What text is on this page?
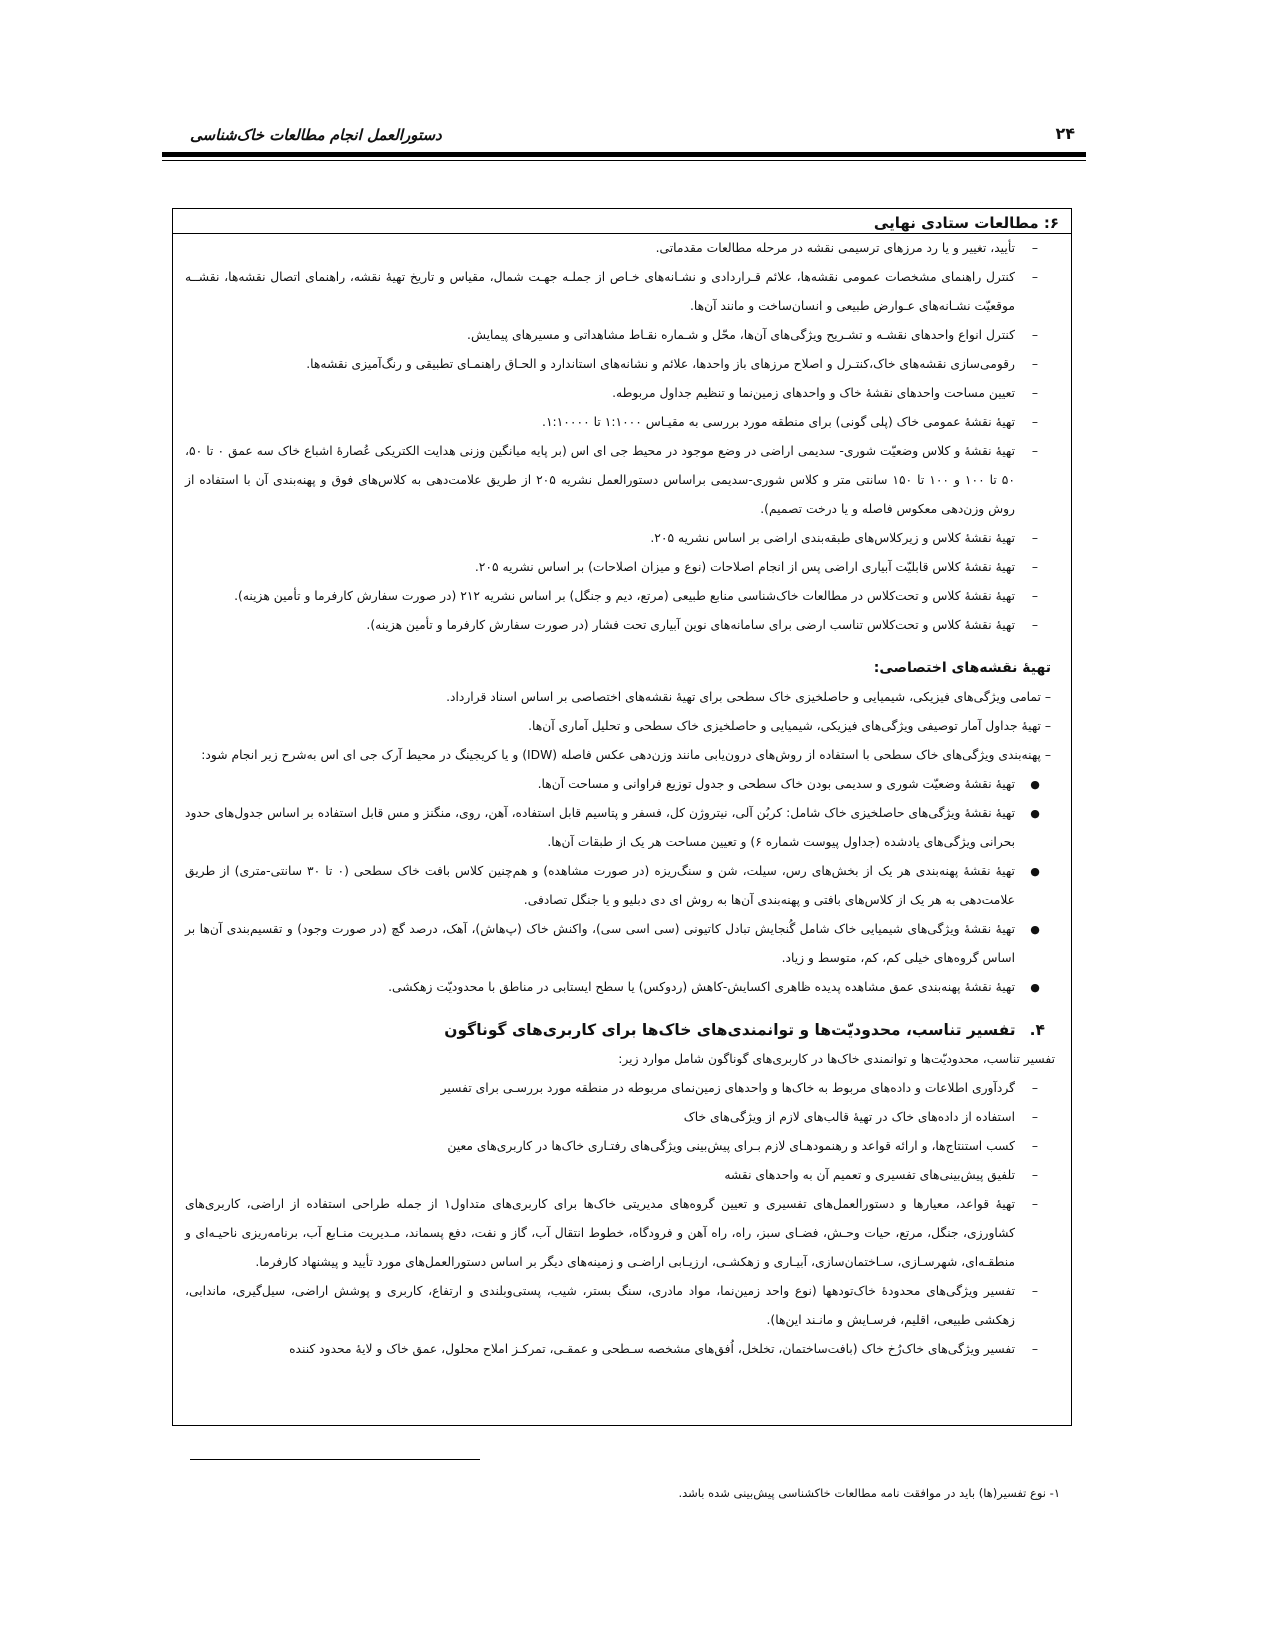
دستورالعمل انجام مطالعات خاک‌شناسی	۲۴
۶: مطالعات ستادی نهایی
–
تأیید، تغییر و یا رد مرزهای ترسیمی نقشه در مرحله مطالعات مقدماتی.
–
کنترل راهنمای مشخصات عمومی نقشه‌ها، علائم قـراردادی و نشـانه‌های خـاص از جملـه جهـت شمال، مقیاس و تاریخ تهیهٔ نقشه، راهنمای اتصال نقشه‌ها، نقشــه موقعیّت نشـانه‌های عـوارض طبیعی و انسان‌ساخت و مانند آن‌ها.
–
کنترل انواع واحدهای نقشـه و تشـریح ویژگی‌های آن‌ها، محّل و شـماره نقـاط مشاهداتی و مسیرهای پیمایش.
–
رقومی‌سازی نقشه‌های خاک،کنتـرل و اصلاح مرزهای باز واحدها، علائم و نشانه‌های استاندارد و الحـاق راهنمـای تطبیقی و رنگ‌آمیزی نقشه‌ها.
–
تعیین مساحت واحدهای نقشهٔ خاک و واحدهای زمین‌نما و تنظیم جداول مربوطه.
–
تهیهٔ نقشهٔ عمومی خاک (پلی گونی) برای منطقه مورد بررسی به مقیـاس ۱:۱۰۰۰ تا ۱:۱۰۰۰۰.
–
تهیهٔ نقشهٔ و کلاس وضعیّت شوری- سدیمی اراضی در وضع موجود در محیط جی ای اس (بر پایه میانگین وزنی هدایت الکتریکی عُصارهٔ اشباع خاک سه عمق ۰ تا ۵۰، ۵۰ تا ۱۰۰ و ۱۰۰ تا ۱۵۰ سانتی متر و کلاس شوری-سدیمی براساس دستورالعمل نشریه ۲۰۵ از طریق علامت‌دهی به کلاس‌های فوق و پهنه‌بندی آن با استفاده از روش وزن‌دهی معکوس فاصله و یا درخت تصمیم).
–
تهیهٔ نقشهٔ کلاس و زیرکلاس‌های طبقه‌بندی اراضی بر اساس نشریه ۲۰۵.
–
تهیهٔ نقشهٔ کلاس قابلیّت آبیاری اراضی پس از انجام اصلاحات (نوع و میزان اصلاحات) بر اساس نشریه ۲۰۵.
–
تهیهٔ نقشهٔ کلاس و تحت‌کلاس در مطالعات خاک‌شناسی منابع طبیعی (مرتع، دیم و جنگل) بر اساس نشریه ۲۱۲ (در صورت سفارش کارفرما و تأمین هزینه).
–
تهیهٔ نقشهٔ کلاس و تحت‌کلاس تناسب ارضی برای سامانه‌های نوین آبیاری تحت فشار (در صورت سفارش کارفرما و تأمین هزینه).
تهیهٔ نقشه‌های اختصاصی:
– تمامی ویژگی‌های فیزیکی، شیمیایی و حاصلخیزی خاک سطحی برای تهیهٔ نقشه‌های اختصاصی بر اساس اسناد قرارداد.
– تهیهٔ جداول آمار توصیفی ویژگی‌های فیزیکی، شیمیایی و حاصلخیزی خاک سطحی و تحلیل آماری آن‌ها.
– پهنه‌بندی ویژگی‌های خاک سطحی با استفاده از روش‌های درون‌یابی مانند وزن‌دهی عکس فاصله (IDW) و یا کریجینگ در محیط آرک جی ای اس به‌شرح زیر انجام شود:
●
تهیهٔ نقشهٔ وضعیّت شوری و سدیمی بودن خاک سطحی و جدول توزیع فراوانی و مساحت آن‌ها.
●
تهیهٔ نقشهٔ ویژگی‌های حاصلخیزی خاک شامل: کربُن آلی، نیتروژن کل، فسفر و پتاسیم قابل استفاده، آهن، روی، منگنز و مس قابل استفاده بر اساس جدول‌های حدود بحرانی ویژگی‌های یادشده (جداول پیوست شماره ۶) و تعیین مساحت هر یک از طبقات آن‌ها.
●
تهیهٔ نقشهٔ پهنه‌بندی هر یک از بخش‌های رس، سیلت، شن و سنگ‌ریزه (در صورت مشاهده) و هم‌چنین کلاس بافت خاک سطحی (۰ تا ۳۰ سانتی-متری) از طریق علامت‌دهی به هر یک از کلاس‌های بافتی و پهنه‌بندی آن‌ها به روش ای دی دبلیو و یا جنگل تصادفی.
●
تهیهٔ نقشهٔ ویژگی‌های شیمیایی خاک شامل گُنجایش تبادل کاتیونی (سی اسی سی)، واکنش خاک (پ‌هاش)، آهک، درصد گچ (در صورت وجود) و تقسیم‌بندی آن‌ها بر اساس گروه‌های خیلی کم، کم، متوسط و زیاد.
●
تهیهٔ نقشهٔ پهنه‌بندی عمق مشاهده پدیده ظاهری اکسایش-کاهش (ردوکس) یا سطح ایستابی در مناطق با محدودیّت زهکشی.
۴.تفسیر تناسب، محدودیّت‌ها و توانمندی‌های خاک‌ها برای کاربری‌های گوناگون
تفسیر تناسب، محدودیّت‌ها و توانمندی خاک‌ها در کاربری‌های گوناگون شامل موارد زیر:
–
گردآوری اطلاعات و داده‌های مربوط به خاک‌ها و واحدهای زمین‌نمای مربوطه در منطقه مورد بررسـی برای تفسیر
–
استفاده از داده‌های خاک در تهیهٔ قالب‌های لازم از ویژگی‌های خاک
–
کسب استنتاج‌ها، و ارائه قواعد و رهنمودهـای لازم بـرای پیش‌بینی ویژگی‌های رفتـاری خاک‌ها در کاربری‌های معین
–
تلفیق پیش‌بینی‌های تفسیری و تعمیم آن به واحدهای نقشه
–
تهیهٔ قواعد، معیارها و دستورالعمل‌های تفسیری و تعیین گروه‌های مدیریتی خاک‌ها برای کاربری‌های متداول۱ از جمله طراحی استفاده از اراضی، کاربری‌های کشاورزی، جنگل، مرتع، حیات وحـش، فضـای سبز، راه، راه آهن و فرودگاه، خطوط انتقال آب، گاز و نفت، دفع پسماند، مـدیریت منـابع آب، برنامه‌ریزی ناحیـه‌ای و منطقـه‌ای، شهرسـازی، سـاختمان‌سازی، آبیـاری و زهکشـی، ارزیـابی اراضـی و زمینه‌های دیگر بر اساس دستورالعمل‌های مورد تأیید و پیشنهاد کارفرما.
–
تفسیر ویژگی‌های محدودهٔ خاک‌تودهها (نوع واحد زمین‌نما، مواد مادری، سنگ بستر، شیب، پستی‌وبلندی و ارتفاع، کاربری و پوشش اراضی، سیل‌گیری، ماندابی، زهکشی طبیعی، اقلیم، فرسـایش و مانـند این‌ها).
–
تفسیر ویژگی‌های خاک‌رُخ خاک (بافت‌ساختمان، تخلخل، اُفق‌های مشخصه سـطحی و عمقـی، تمرکـز املاح محلول، عمق خاک و لایهٔ محدود کننده
۱- نوع تفسیر(ها) باید در موافقت نامه مطالعات خاکشناسی پیش‌بینی شده باشد.
